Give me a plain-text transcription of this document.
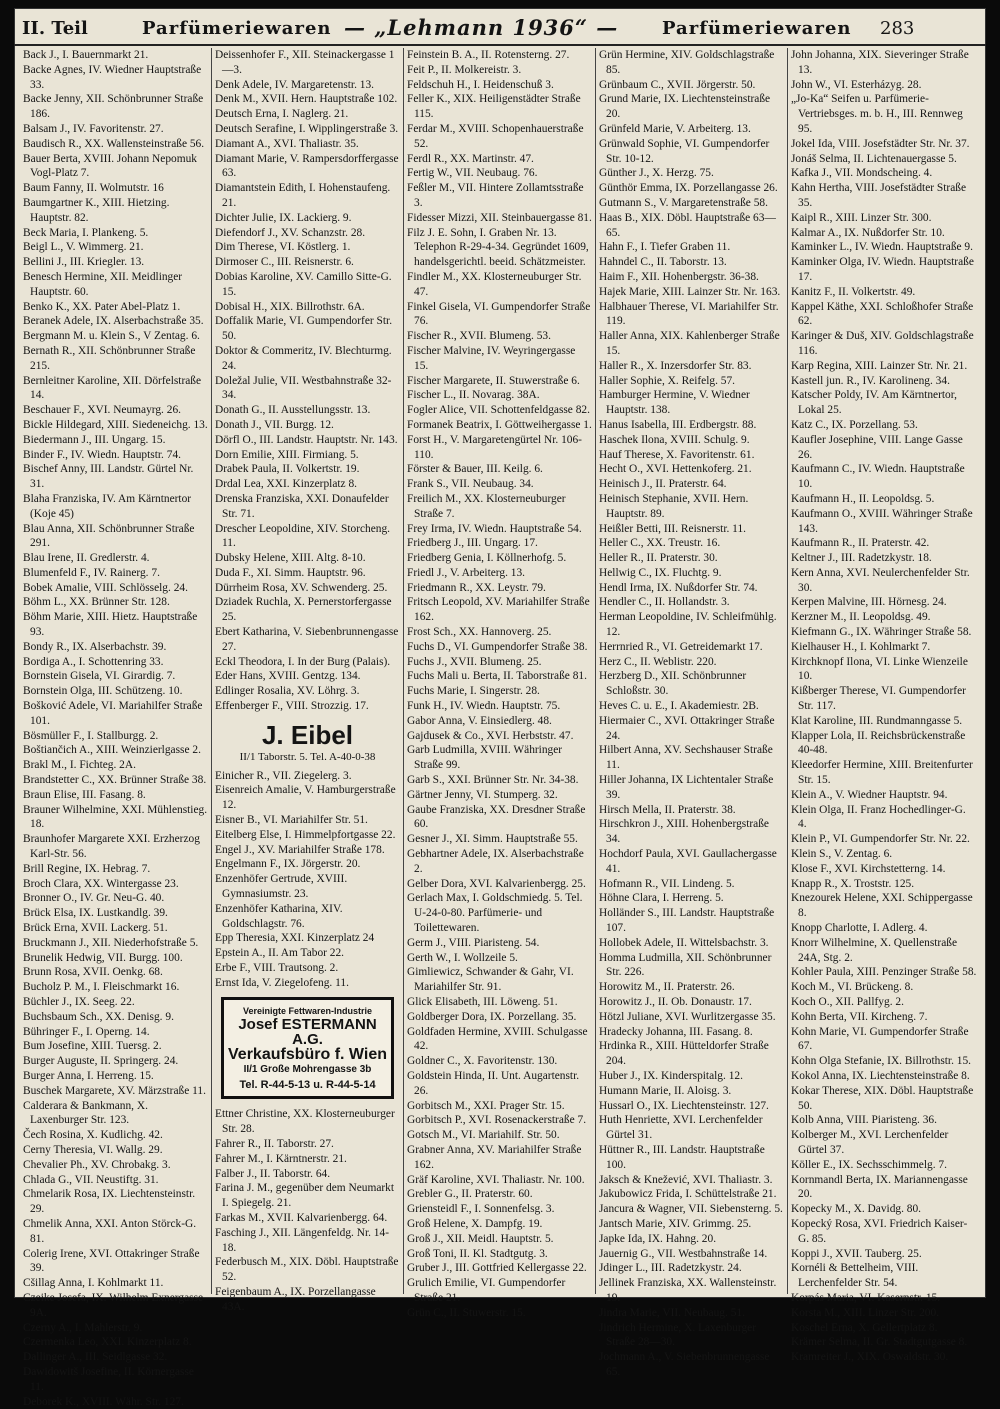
II. Teil	Parfümeriewaren — „Lehmann 1936“ — Parfümeriewaren 283

Back J., I. Bauernmarkt 21.

Backe Agnes, IV. Wiedner Hauptstraße 33.

Backe Jenny, XII. Schönbrunner Straße 186.

Balsam J., IV. Favoritenstr. 27.

Baudisch R., XX. Wallensteinstraße 56.

Bauer Berta, XVIII. Johann Nepomuk Vogl-Platz 7.

Baum Fanny, II. Wolmutstr. 16

Baumgartner K., XIII. Hietzing. Hauptstr. 82.

Beck Maria, I. Plankeng. 5.

Beigl L., V. Wimmerg. 21.

Bellini J., III. Kriegler. 13.

Benesch Hermine, XII. Meidlinger Hauptstr. 60.

Benko K., XX. Pater Abel-Platz 1.

Beranek Adele, IX. Alserbachstraße 35.

Bergmann M. u. Klein S., V Zentag. 6.

Bernath R., XII. Schönbrunner Straße 215.

Bernleitner Karoline, XII. Dörfelstraße 14.

Beschauer F., XVI. Neumayrg. 26.

Bickle Hildegard, XIII. Siedeneichg. 13.

Biedermann J., III. Ungarg. 15.

Binder F., IV. Wiedn. Hauptstr. 74.

Bischef Anny, III. Landstr. Gürtel Nr. 31.

Blaha Franziska, IV. Am Kärntnertor (Koje 45)

Blau Anna, XII. Schönbrunner Straße 291.

Blau Irene, II. Gredlerstr. 4.

Blumenfeld F., IV. Rainerg. 7.

Bobek Amalie, VIII. Schlösselg. 24.

Böhm L., XX. Brünner Str. 128.

Böhm Marie, XIII. Hietz. Hauptstraße 93.

Bondy R., IX. Alserbachstr. 39.

Bordiga A., I. Schottenring 33.

Bornstein Gisela, VI. Girardig. 7.

Bornstein Olga, III. Schützeng. 10.

Bošković Adele, VI. Mariahilfer Straße 101.

Bösmüller F., I. Stallburgg. 2.

Boštiančich A., XIII. Weinzierlgasse 2.

Brakl M., I. Fichteg. 2A.

Brandstetter C., XX. Brünner Straße 38.

Braun Elise, III. Fasang. 8.

Brauner Wilhelmine, XXI. Mühlenstieg. 18.

Braunhofer Margarete XXI. Erzherzog Karl-Str. 56.

Brill Regine, IX. Hebrag. 7.

Broch Clara, XX. Wintergasse 23.

Bronner O., IV. Gr. Neu-G. 40.

Brück Elsa, IX. Lustkandlg. 39.

Brück Erna, XVII. Lackerg. 51.

Bruckmann J., XII. Niederhofstraße 5.

Brunelik Hedwig, VII. Burgg. 100.

Brunn Rosa, XVII. Oenkg. 68.

Bucholz P. M., I. Fleischmarkt 16.

Büchler J., IX. Seeg. 22.

Buchsbaum Sch., XX. Denisg. 9.

Bühringer F., I. Operng. 14.

Bum Josefine, XIII. Tuersg. 2.

Burger Auguste, II. Springerg. 24.

Burger Anna, I. Herreng. 15.

Buschek Margarete, XV. Märzstraße 11.

Calderara & Bankmann, X. Laxenburger Str. 123.

Čech Rosina, X. Kudlichg. 42.

Cerny Theresia, VI. Wallg. 29.

Chevalier Ph., XV. Chrobakg. 3.

Chlada G., VII. Neustiftg. 31.

Chmelarik Rosa, IX. Liechtensteinstr. 29.

Chmelik Anna, XXI. Anton Störck-G. 81.

Colerig Irene, XVI. Ottakringer Straße 39.

Cšillag Anna, I. Kohlmarkt 11.

Czeike Josefa, IX. Wilhelm Exnergasse 9A.

Czerny A., I. Mahlerstr. 9.

Czermenka Leo, XXI. Kinzerplatz 8.

Dallinger A., III. Seidlgasse 32.

Dawidowitš Josefine, II. Körnergasse 11.

Deborek K., XVIII. Währ. Str. 127.

Deissenhofer F., XII. Steinackergasse 1—3.

Denk Adele, IV. Margaretenstr. 13.

Denk M., XVII. Hern. Hauptstraße 102.

Deutsch Erna, I. Naglerg. 21.

Deutsch Serafine, I. Wipplingerstraße 3.

Diamant A., XVI. Thaliastr. 35.

Diamant Marie, V. Rampersdorffergasse 63.

Diamantstein Edith, I. Hohenstaufeng. 21.

Dichter Julie, IX. Lackierg. 9.

Diefendorf J., XV. Schanzstr. 28.

Dim Therese, VI. Köstlerg. 1.

Dirmoser C., III. Reisnerstr. 6.

Dobias Karoline, XV. Camillo Sitte-G. 15.

Dobisal H., XIX. Billrothstr. 6A.

Doffalik Marie, VI. Gumpendorfer Str. 50.

Doktor & Commeritz, IV. Blechturmg. 24.

Doležal Julie, VII. Westbahnstraße 32-34.

Donath G., II. Ausstellungsstr. 13.

Donath J., VII. Burgg. 12.

Dörfl O., III. Landstr. Hauptstr. Nr. 143.

Dorn Emilie, XIII. Firmiang. 5.

Drabek Paula, II. Volkertstr. 19.

Drdal Lea, XXI. Kinzerplatz 8.

Drenska Franziska, XXI. Donaufelder Str. 71.

Drescher Leopoldine, XIV. Storcheng. 11.

Dubsky Helene, XIII. Altg. 8-10.

Duda F., XI. Simm. Hauptstr. 96.

Dürrheim Rosa, XV. Schwenderg. 25.

Dziadek Ruchla, X. Pernerstorfergasse 25.

Ebert Katharina, V. Siebenbrunnengasse 27.

Eckl Theodora, I. In der Burg (Palais).

Eder Hans, XVIII. Gentzg. 134.

Edlinger Rosalia, XV. Löhrg. 3.

Effenberger F., VIII. Strozzig. 17.

J. Eibel
II/1 Taborstr. 5. Tel. A-40-0-38

Einicher R., VII. Ziegelerg. 3.

Eisenreich Amalie, V. Hamburgerstraße 12.

Eisner B., VI. Mariahilfer Str. 51.

Eitelberg Else, I. Himmelpfortgasse 22.

Engel J., XV. Mariahilfer Straße 178.

Engelmann F., IX. Jörgerstr. 20.

Enzenhöfer Gertrude, XVIII. Gymnasiumstr. 23.

Enzenhöfer Katharina, XIV. Goldschlagstr. 76.

Epp Theresia, XXI. Kinzerplatz 24

Epstein A., II. Am Tabor 22.

Erbe F., VIII. Trautsong. 2.

Ernst Ida, V. Ziegelofeng. 11.

Vereinigte Fettwaren-Industrie
Josef ESTERMANN A.G.
Verkaufsbüro f. Wien
II/1 Große Mohrengasse 3b
Tel. R-44-5-13 u. R-44-5-14

Ettner Christine, XX. Klosterneuburger Str. 28.

Fahrer R., II. Taborstr. 27.

Fahrer M., I. Kärntnerstr. 21.

Falber J., II. Taborstr. 64.

Farina J. M., gegenüber dem Neumarkt I. Spiegelg. 21.

Farkas M., XVII. Kalvarienbergg. 64.

Fasching J., XII. Längenfeldg. Nr. 14-18.

Federbusch M., XIX. Döbl. Hauptstraße 52.

Feigenbaum A., IX. Porzellangasse 43A.

Feinstein B. A., II. Rotensterng. 27.

Feit P., II. Molkereistr. 3.

Feldschuh H., I. Heidenschuß 3.

Feller K., XIX. Heiligenstädter Straße 115.

Ferdar M., XVIII. Schopenhauerstraße 52.

Ferdl R., XX. Martinstr. 47.

Fertig W., VII. Neubaug. 76.

Feßler M., VII. Hintere Zollamtsstraße 3.

Fidesser Mizzi, XII. Steinbauergasse 81.

Filz J. E. Sohn, I. Graben Nr. 13. Telephon R-29-4-34. Gegründet 1609, handelsgerichtl. beeid. Schätzmeister.

Findler M., XX. Klosterneuburger Str. 47.

Finkel Gisela, VI. Gumpendorfer Straße 76.

Fischer R., XVII. Blumeng. 53.

Fischer Malvine, IV. Weyringergasse 15.

Fischer Margarete, II. Stuwerstraße 6.

Fischer L., II. Novarag. 38A.

Fogler Alice, VII. Schottenfeldgasse 82.

Formanek Beatrix, I. Göttweihergasse 1.

Forst H., V. Margaretengürtel Nr. 106-110.

Förster & Bauer, III. Keilg. 6.

Frank S., VII. Neubaug. 34.

Freilich M., XX. Klosterneuburger Straße 7.

Frey Irma, IV. Wiedn. Hauptstraße 54.

Friedberg J., III. Ungarg. 17.

Friedberg Genia, I. Köllnerhofg. 5.

Friedl J., V. Arbeiterg. 13.

Friedmann R., XX. Leystr. 79.

Fritsch Leopold, XV. Mariahilfer Straße 162.

Frost Sch., XX. Hannoverg. 25.

Fuchs D., VI. Gumpendorfer Straße 38.

Fuchs J., XVII. Blumeng. 25.

Fuchs Mali u. Berta, II. Taborstraße 81.

Fuchs Marie, I. Singerstr. 28.

Funk H., IV. Wiedn. Hauptstr. 75.

Gabor Anna, V. Einsiedlerg. 48.

Gajdusek & Co., XVI. Herbststr. 47.

Garb Ludmilla, XVIII. Währinger Straße 99.

Garb S., XXI. Brünner Str. Nr. 34-38.

Gärtner Jenny, VI. Stumperg. 32.

Gaube Franziska, XX. Dresdner Straße 60.

Gesner J., XI. Simm. Hauptstraße 55.

Gebhartner Adele, IX. Alserbachstraße 2.

Gelber Dora, XVI. Kalvarienbergg. 25.

Gerlach Max, I. Goldschmiedg. 5. Tel. U-24-0-80. Parfümerie- und Toilettewaren.

Germ J., VIII. Piaristeng. 54.

Gerth W., I. Wollzeile 5.

Gimliewicz, Schwander & Gahr, VI. Mariahilfer Str. 91.

Glick Elisabeth, III. Löweng. 51.

Goldberger Dora, IX. Porzellang. 35.

Goldfaden Hermine, XVIII. Schulgasse 42.

Goldner C., X. Favoritenstr. 130.

Goldstein Hinda, II. Unt. Augartenstr. 26.

Gorbitsch M., XXI. Prager Str. 15.

Gorbitsch P., XVI. Rosenackerstraße 7.

Gotsch M., VI. Mariahilf. Str. 50.

Grabner Anna, XV. Mariahilfer Straße 162.

Gräf Karoline, XVI. Thaliastr. Nr. 100.

Grebler G., II. Praterstr. 60.

Griensteidl F., I. Sonnenfelsg. 3.

Groß Helene, X. Dampfg. 19.

Groß J., XII. Meidl. Hauptstr. 5.

Groß Toni, II. Kl. Stadtgutg. 3.

Gruber J., III. Gottfried Kellergasse 22.

Grulich Emilie, VI. Gumpendorfer Straße 21.

Grün C., II. Stuwerstr. 15.

Grün Hermine, XIV. Goldschlagstraße 85.

Grünbaum C., XVII. Jörgerstr. 50.

Grund Marie, IX. Liechtensteinstraße 20.

Grünfeld Marie, V. Arbeiterg. 13.

Grünwald Sophie, VI. Gumpendorfer Str. 10-12.

Günther J., X. Herzg. 75.

Günthör Emma, IX. Porzellangasse 26.

Gutmann S., V. Margaretenstraße 58.

Haas B., XIX. Döbl. Hauptstraße 63—65.

Hahn F., I. Tiefer Graben 11.

Hahndel C., II. Taborstr. 13.

Haim F., XII. Hohenbergstr. 36-38.

Hajek Marie, XIII. Lainzer Str. Nr. 163.

Halbhauer Therese, VI. Mariahilfer Str. 119.

Haller Anna, XIX. Kahlenberger Straße 15.

Haller R., X. Inzersdorfer Str. 83.

Haller Sophie, X. Reifelg. 57.

Hamburger Hermine, V. Wiedner Hauptstr. 138.

Hanus Isabella, III. Erdbergstr. 88.

Haschek Ilona, XVIII. Schulg. 9.

Hauf Therese, X. Favoritenstr. 61.

Hecht O., XVI. Hettenkoferg. 21.

Heinisch J., II. Praterstr. 64.

Heinisch Stephanie, XVII. Hern. Hauptstr. 89.

Heißler Betti, III. Reisnerstr. 11.

Heller C., XX. Treustr. 16.

Heller R., II. Praterstr. 30.

Hellwig C., IX. Fluchtg. 9.

Hendl Irma, IX. Nußdorfer Str. 74.

Hendler C., II. Hollandstr. 3.

Herman Leopoldine, IV. Schleifmühlg. 12.

Herrnried R., VI. Getreidemarkt 17.

Herz C., II. Weblistr. 220.

Herzberg D., XII. Schönbrunner Schloßstr. 30.

Heves C. u. E., I. Akademiestr. 2B.

Hiermaier C., XVI. Ottakringer Straße 24.

Hilbert Anna, XV. Sechshauser Straße 11.

Hiller Johanna, IX Lichtentaler Straße 39.

Hirsch Mella, II. Praterstr. 38.

Hirschkron J., XIII. Hohenbergstraße 34.

Hochdorf Paula, XVI. Gaullachergasse 41.

Hofmann R., VII. Lindeng. 5.

Höhne Clara, I. Herreng. 5.

Holländer S., III. Landstr. Hauptstraße 107.

Hollobek Adele, II. Wittelsbachstr. 3.

Homma Ludmilla, XII. Schönbrunner Str. 226.

Horowitz M., II. Praterstr. 26.

Horowitz J., II. Ob. Donaustr. 17.

Hötzl Juliane, XVI. Wurlitzergasse 35.

Hradecky Johanna, III. Fasang. 8.

Hrdinka R., XIII. Hütteldorfer Straße 204.

Huber J., IX. Kinderspitalg. 12.

Humann Marie, II. Aloisg. 3.

Hussarl O., IX. Liechtensteinstr. 127.

Huth Henriette, XVI. Lerchenfelder Gürtel 31.

Hüttner R., III. Landstr. Hauptstraße 100.

Jaksch & Knežević, XVI. Thaliastr. 3.

Jakubowicz Frida, I. Schüttelstraße 21.

Jancura & Wagner, VII. Siebensterng. 5.

Jantsch Marie, XIV. Grimmg. 25.

Japke Ida, IX. Hahng. 20.

Jauernig G., VII. Westbahnstraße 14.

Jdinger L., III. Radetzkystr. 24.

Jellinek Franziska, XX. Wallensteinstr. 19.

Jindra Marie, VII. Neubaug. 51.

Jindrich Hermine, X. Laxenburger Straße 28—30.

Jochmann A., V. Siebenbrunnengasse 65.

John Johanna, XIX. Sieveringer Straße 13.

John W., VI. Esterházyg. 28.

„Jo-Ka“ Seifen u. Parfümerie-Vertriebsges. m. b. H., III. Rennweg 95.

Jokel Ida, VIII. Josefstädter Str. Nr. 37.

Jonáš Selma, II. Lichtenauergasse 5.

Kafka J., VII. Mondscheing. 4.

Kahn Hertha, VIII. Josefstädter Straße 35.

Kaipl R., XIII. Linzer Str. 300.

Kalmar A., IX. Nußdorfer Str. 10.

Kaminker L., IV. Wiedn. Hauptstraße 9.

Kaminker Olga, IV. Wiedn. Hauptstraße 17.

Kanitz F., II. Volkertstr. 49.

Kappel Käthe, XXI. Schloßhofer Straße 62.

Karinger & Duš, XIV. Goldschlagstraße 116.

Karp Regina, XIII. Lainzer Str. Nr. 21.

Kastell jun. R., IV. Karolineng. 34.

Katscher Poldy, IV. Am Kärntnertor, Lokal 25.

Katz C., IX. Porzellang. 53.

Kaufler Josephine, VIII. Lange Gasse 26.

Kaufmann C., IV. Wiedn. Hauptstraße 10.

Kaufmann H., II. Leopoldsg. 5.

Kaufmann O., XVIII. Währinger Straße 143.

Kaufmann R., II. Praterstr. 42.

Keltner J., III. Radetzkystr. 18.

Kern Anna, XVI. Neulerchenfelder Str. 30.

Kerpen Malvine, III. Hörnesg. 24.

Kerzner M., II. Leopoldsg. 49.

Kiefmann G., IX. Währinger Straße 58.

Kielhauser H., I. Kohlmarkt 7.

Kirchknopf Ilona, VI. Linke Wienzeile 10.

Kißberger Therese, VI. Gumpendorfer Str. 117.

Klat Karoline, III. Rundmanngasse 5.

Klapper Lola, II. Reichsbrückenstraße 40-48.

Kleedorfer Hermine, XIII. Breitenfurter Str. 15.

Klein A., V. Wiedner Hauptstr. 94.

Klein Olga, II. Franz Hochedlinger-G. 4.

Klein P., VI. Gumpendorfer Str. Nr. 22.

Klein S., V. Zentag. 6.

Klose F., XVI. Kirchstetterng. 14.

Knapp R., X. Troststr. 125.

Knezourek Helene, XXI. Schippergasse 8.

Knopp Charlotte, I. Adlerg. 4.

Knorr Wilhelmine, X. Quellenstraße 24A, Stg. 2.

Kohler Paula, XIII. Penzinger Straße 58.

Koch M., VI. Brückeng. 8.

Koch O., XII. Pallfyg. 2.

Kohn Berta, VII. Kircheng. 7.

Kohn Marie, VI. Gumpendorfer Straße 67.

Kohn Olga Stefanie, IX. Billrothstr. 15.

Kokol Anna, IX. Liechtensteinstraße 8.

Kokar Therese, XIX. Döbl. Hauptstraße 50.

Kolb Anna, VIII. Piaristeng. 36.

Kolberger M., XVI. Lerchenfelder Gürtel 37.

Köller E., IX. Sechsschimmelg. 7.

Kornmandl Berta, IX. Mariannengasse 20.

Kopecky M., X. Davidg. 80.

Kopecký Rosa, XVI. Friedrich Kaiser-G. 85.

Koppi J., XVII. Tauberg. 25.

Kornéli & Bettelheim, VIII. Lerchenfelder Str. 54.

Korpás Maria, VI. Kasernstr. 15.

Korsta M., XIII. Linzer Str. 200.

Koschel Erna, X. Gellertplatz 8.

Krämer Selma, II. Gr. Stadtgutgasse 8.

Kramreiter J., XIX. Oswaldstr. 30.
